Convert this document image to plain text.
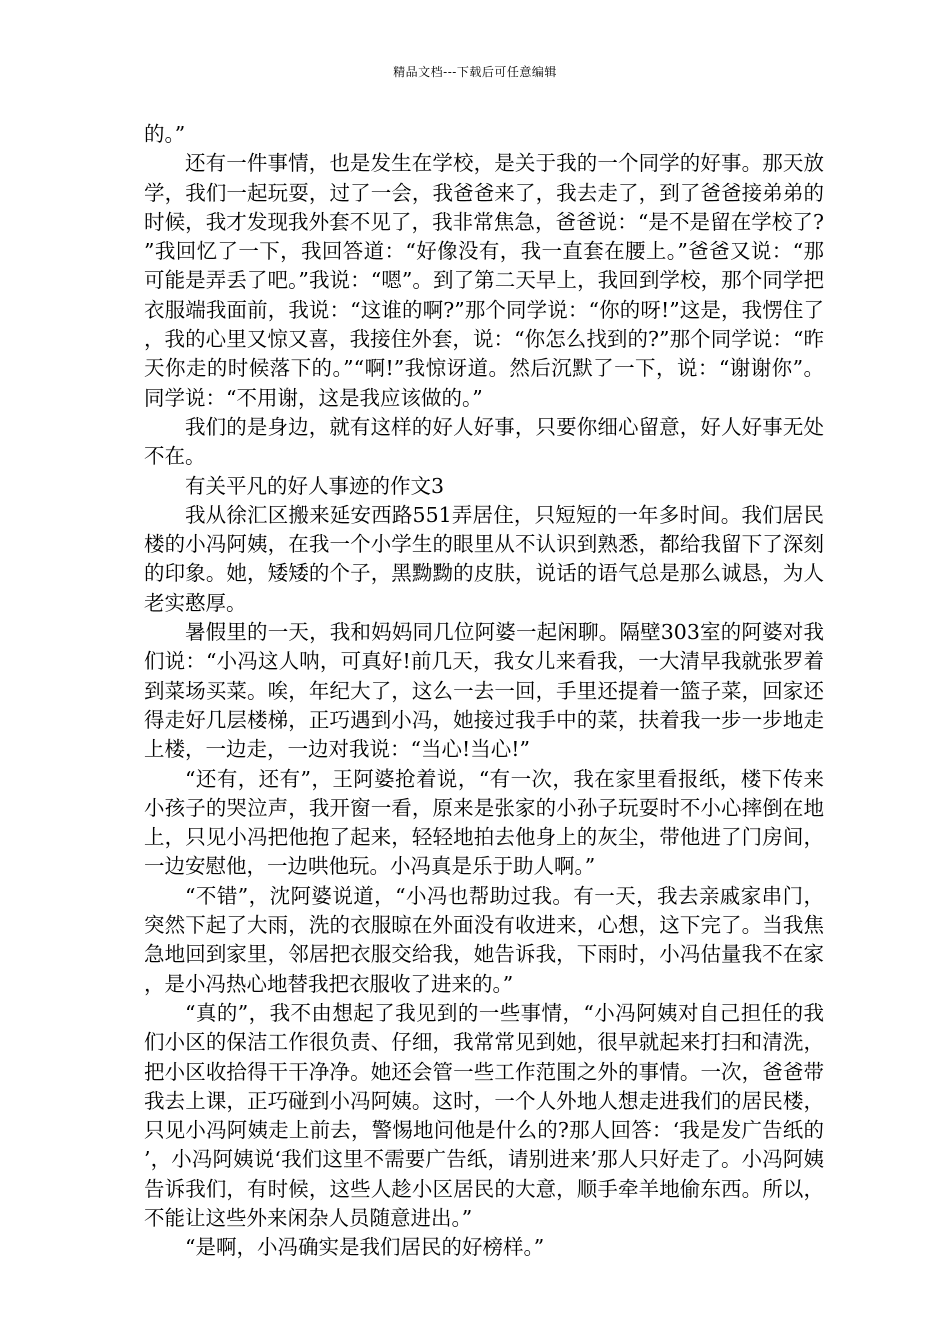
精品文档---下载后可任意编辑

的。”

还有一件事情，也是发生在学校，是关于我的一个同学的好事。那天放学，我们一起玩耍，过了一会，我爸爸来了，我去走了，到了爸爸接弟弟的时候，我才发现我外套不见了，我非常焦急，爸爸说：“是不是留在学校了?”我回忆了一下，我回答道：“好像没有，我一直套在腰上。”爸爸又说：“那可能是弄丢了吧。”我说：“嗯”。到了第二天早上，我回到学校，那个同学把衣服端我面前，我说：“这谁的啊?”那个同学说：“你的呀!”这是，我愣住了，我的心里又惊又喜，我接住外套，说：“你怎么找到的?”那个同学说：“昨天你走的时候落下的。”“啊!”我惊讶道。然后沉默了一下，说：“谢谢你”。同学说：“不用谢，这是我应该做的。”

我们的是身边，就有这样的好人好事，只要你细心留意，好人好事无处不在。

有关平凡的好人事迹的作文3

我从徐汇区搬来延安西路551弄居住，只短短的一年多时间。我们居民楼的小冯阿姨，在我一个小学生的眼里从不认识到熟悉，都给我留下了深刻的印象。她，矮矮的个子，黑黝黝的皮肤，说话的语气总是那么诚恳，为人老实憨厚。

暑假里的一天，我和妈妈同几位阿婆一起闲聊。隔壁303室的阿婆对我们说：“小冯这人呐，可真好!前几天，我女儿来看我，一大清早我就张罗着到菜场买菜。唉，年纪大了，这么一去一回，手里还提着一篮子菜，回家还得走好几层楼梯，正巧遇到小冯，她接过我手中的菜，扶着我一步一步地走上楼，一边走，一边对我说：“当心!当心!”

“还有，还有”，王阿婆抢着说，“有一次，我在家里看报纸，楼下传来小孩子的哭泣声，我开窗一看，原来是张家的小孙子玩耍时不小心摔倒在地上，只见小冯把他抱了起来，轻轻地拍去他身上的灰尘，带他进了门房间，一边安慰他，一边哄他玩。小冯真是乐于助人啊。”

“不错”，沈阿婆说道，“小冯也帮助过我。有一天，我去亲戚家串门，突然下起了大雨，洗的衣服晾在外面没有收进来，心想，这下完了。当我焦急地回到家里，邻居把衣服交给我，她告诉我，下雨时，小冯估量我不在家，是小冯热心地替我把衣服收了进来的。”

“真的”，我不由想起了我见到的一些事情，“小冯阿姨对自己担任的我们小区的保洁工作很负责、仔细，我常常见到她，很早就起来打扫和清洗，把小区收拾得干干净净。她还会管一些工作范围之外的事情。一次，爸爸带我去上课，正巧碰到小冯阿姨。这时，一个人外地人想走进我们的居民楼，只见小冯阿姨走上前去，警惕地问他是什么的?那人回答：‘我是发广告纸的’，小冯阿姨说‘我们这里不需要广告纸，请别进来’那人只好走了。小冯阿姨告诉我们，有时候，这些人趁小区居民的大意，顺手牵羊地偷东西。所以，不能让这些外来闲杂人员随意进出。”

“是啊，小冯确实是我们居民的好榜样。”
